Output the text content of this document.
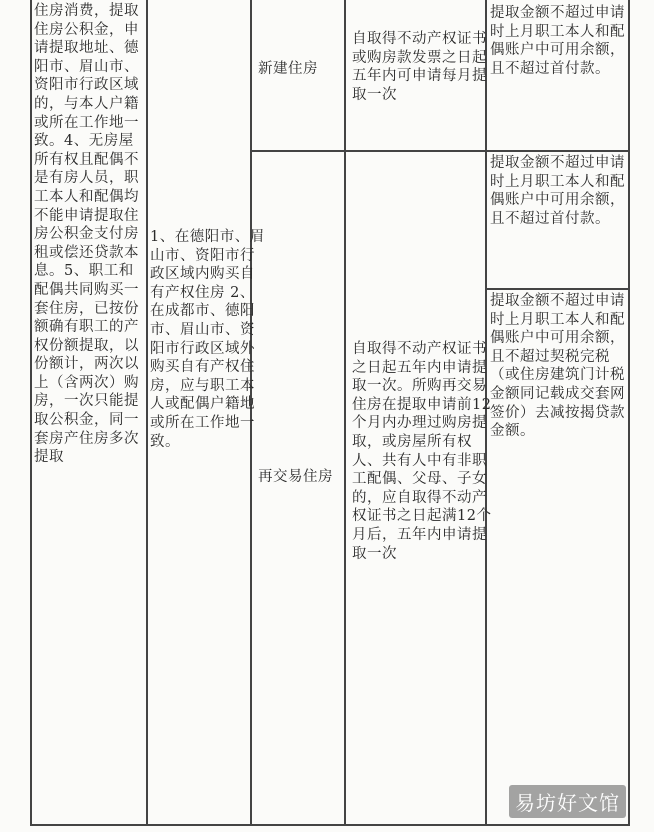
住房消费，提取住房公积金，申请提取地址、德阳市、眉山市、资阳市行政区域的，与本人户籍或所在工作地一致。4、无房屋所有权且配偶不是有房人员，职工本人和配偶均不能申请提取住房公积金支付房租或偿还贷款本息。5、职工和配偶共同购买一套住房，已按份额确有职工的产权份额提取，以份额计，两次以上（含两次）购房，一次只能提取公积金，同一套房产住房多次提取
1、在德阳市、眉山市、资阳市行政区域内购买自有产权住房 2、在成都市、德阳市、眉山市、资阳市行政区域外购买自有产权住房，应与职工本人或配偶户籍地或所在工作地一致。
新建住房
自取得不动产权证书或购房款发票之日起五年内可申请每月提取一次
提取金额不超过申请时上月职工本人和配偶账户中可用余额，且不超过首付款。
再交易住房
自取得不动产权证书之日起五年内申请提取一次。所购再交易住房在提取申请前12个月内办理过购房提取，或房屋所有权人、共有人中有非职工配偶、父母、子女的，应自取得不动产权证书之日起满12个月后，五年内申请提取一次
提取金额不超过申请时上月职工本人和配偶账户中可用余额，且不超过首付款。
提取金额不超过申请时上月职工本人和配偶账户中可用余额，且不超过契税完税（或住房建筑门计税金额同记载成交套网签价）去减按揭贷款金额。
易坊好文馆
